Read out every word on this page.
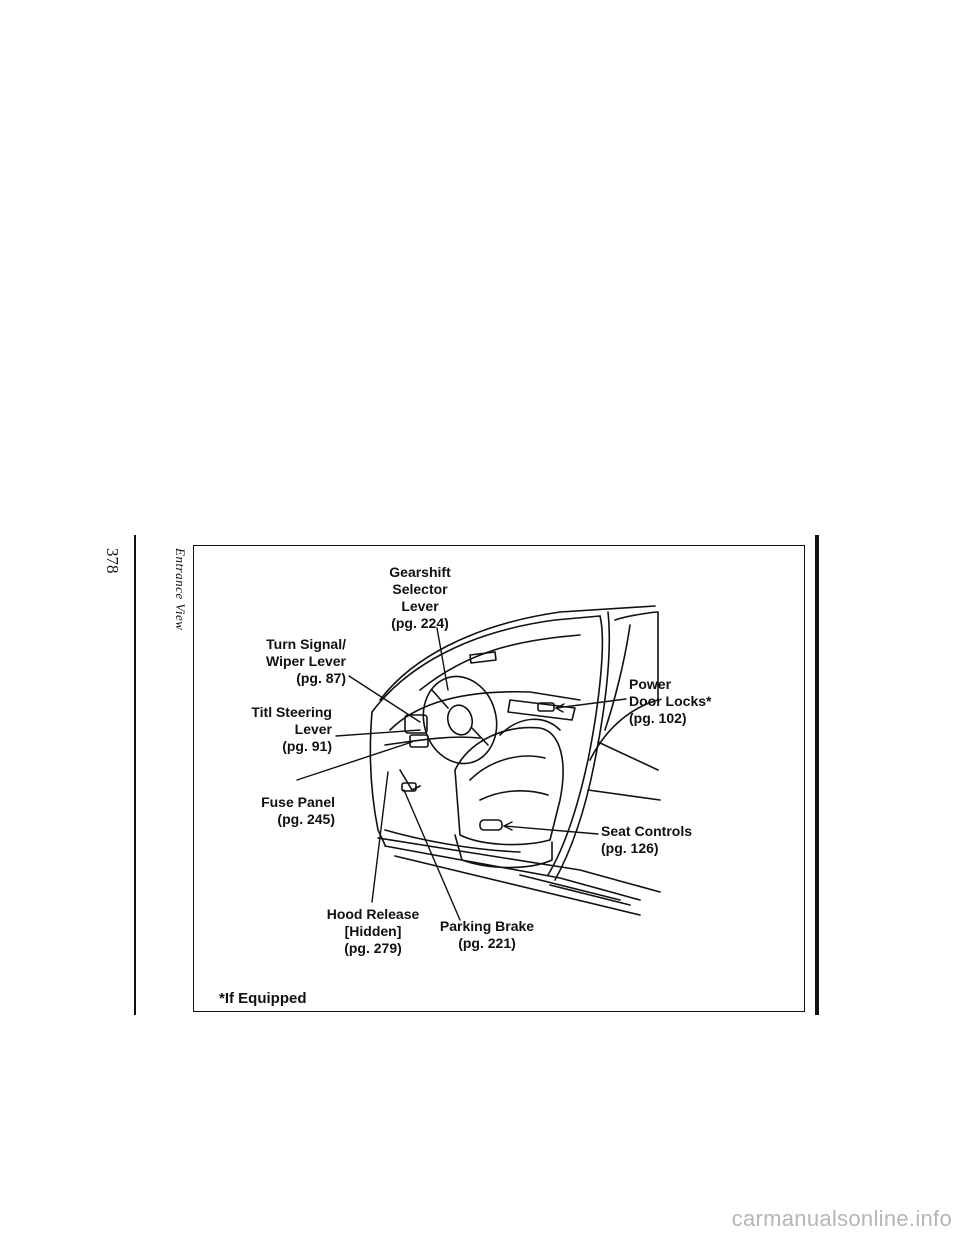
378	Entrance View	Gearshift
Selector
Lever
(pg. 224)
Turn Signal/
Wiper Lever
(pg. 87)
Titl Steering
Lever
(pg. 91)
Fuse Panel
(pg. 245)
Hood Release
[Hidden]
(pg. 279)
Parking Brake
(pg. 221)
Power
Door Locks*
(pg. 102)
Seat Controls
(pg. 126)
*If Equipped
carmanualsonline.info
